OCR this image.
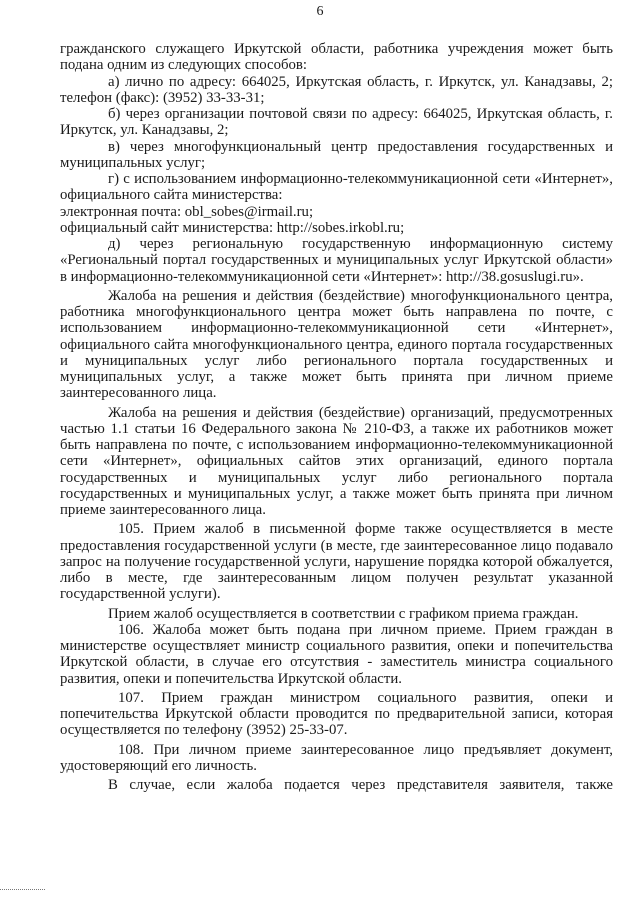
6

гражданского служащего Иркутской области, работника учреждения может быть подана одним из следующих способов:

а) лично по адресу: 664025, Иркутская область, г. Иркутск, ул. Канадзавы, 2; телефон (факс): (3952) 33-33-31;

б) через организации почтовой связи по адресу: 664025, Иркутская область, г. Иркутск, ул. Канадзавы, 2;

в) через многофункциональный центр предоставления государственных и муниципальных услуг;

г) с использованием информационно-телекоммуникационной сети «Интернет», официального сайта министерства:

электронная почта: obl_sobes@irmail.ru;

официальный сайт министерства: http://sobes.irkobl.ru;

д) через региональную государственную информационную систему «Региональный портал государственных и муниципальных услуг Иркутской области» в информационно-телекоммуникационной сети «Интернет»: http://38.gosuslugi.ru».

Жалоба на решения и действия (бездействие) многофункционального центра, работника многофункционального центра может быть направлена по почте, с использованием информационно-телекоммуникационной сети «Интернет», официального сайта многофункционального центра, единого портала государственных и муниципальных услуг либо регионального портала государственных и муниципальных услуг, а также может быть принята при личном приеме заинтересованного лица.

Жалоба на решения и действия (бездействие) организаций, предусмотренных частью 1.1 статьи 16 Федерального закона № 210-ФЗ, а также их работников может быть направлена по почте, с использованием информационно-телекоммуникационной сети «Интернет», официальных сайтов этих организаций, единого портала государственных и муниципальных услуг либо регионального портала государственных и муниципальных услуг, а также может быть принята при личном приеме заинтересованного лица.

105. Прием жалоб в письменной форме также осуществляется в месте предоставления государственной услуги (в месте, где заинтересованное лицо подавало запрос на получение государственной услуги, нарушение порядка которой обжалуется, либо в месте, где заинтересованным лицом получен результат указанной государственной услуги).

Прием жалоб осуществляется в соответствии с графиком приема граждан.

106. Жалоба может быть подана при личном приеме. Прием граждан в министерстве осуществляет министр социального развития, опеки и попечительства Иркутской области, в случае его отсутствия - заместитель министра социального развития, опеки и попечительства Иркутской области.

107. Прием граждан министром социального развития, опеки и попечительства Иркутской области проводится по предварительной записи, которая осуществляется по телефону (3952) 25-33-07.

108. При личном приеме заинтересованное лицо предъявляет документ, удостоверяющий его личность.

В случае, если жалоба подается через представителя заявителя, также
